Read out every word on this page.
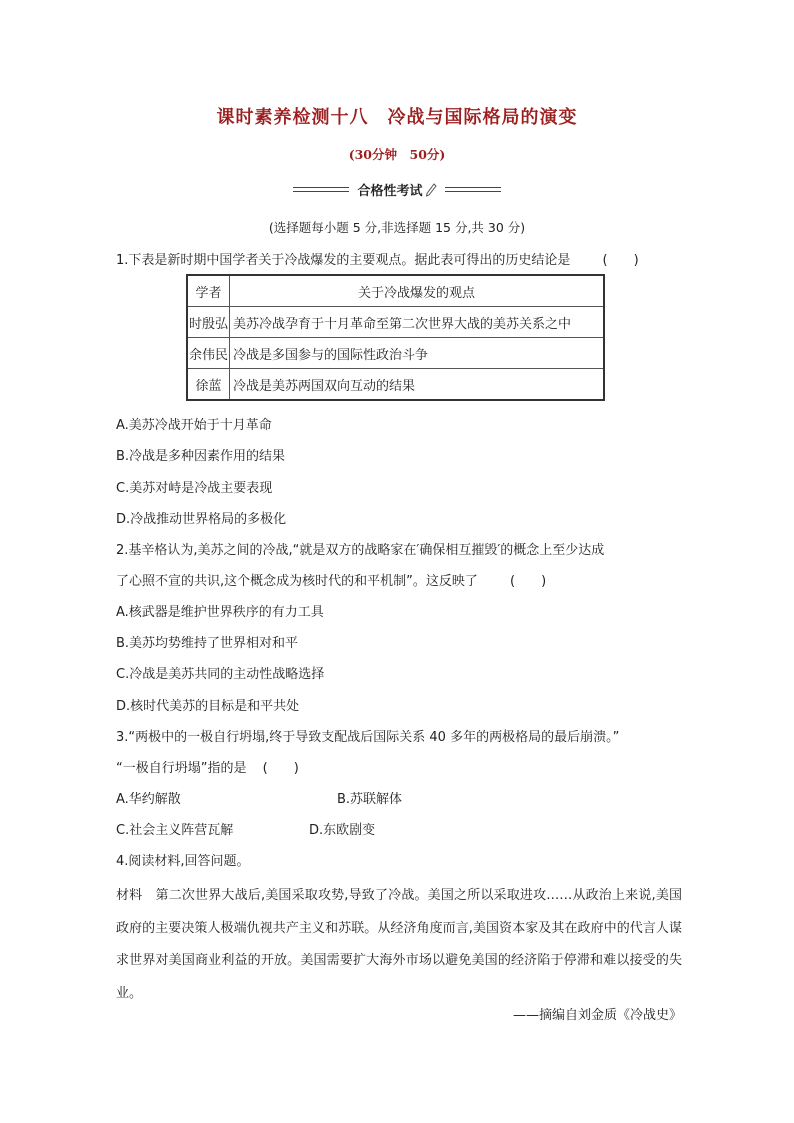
课时素养检测十八　冷战与国际格局的演变
(30分钟　50分)
合格性考试
(选择题每小题 5 分,非选择题 15 分,共 30 分)
1.下表是新时期中国学者关于冷战爆发的主要观点。据此表可得出的历史结论是 (　　)
学者	关于冷战爆发的观点
时殷弘	美苏冷战孕育于十月革命至第二次世界大战的美苏关系之中
余伟民	冷战是多国参与的国际性政治斗争
徐蓝	冷战是美苏两国双向互动的结果
A.美苏冷战开始于十月革命
B.冷战是多种因素作用的结果
C.美苏对峙是冷战主要表现
D.冷战推动世界格局的多极化
2.基辛格认为,美苏之间的冷战,“就是双方的战略家在′确保相互摧毁′的概念上至少达成
了心照不宣的共识,这个概念成为核时代的和平机制”。这反映了 (　　)
A.核武器是维护世界秩序的有力工具
B.美苏均势维持了世界相对和平
C.冷战是美苏共同的主动性战略选择
D.核时代美苏的目标是和平共处
3.“两极中的一极自行坍塌,终于导致支配战后国际关系 40 多年的两极格局的最后崩溃。”
“一极自行坍塌”指的是 (　　)
A.华约解散	B.苏联解体
C.社会主义阵营瓦解	D.东欧剧变
4.阅读材料,回答问题。
材料　第二次世界大战后,美国采取攻势,导致了冷战。美国之所以采取进攻……从政治上来说,美国政府的主要决策人极端仇视共产主义和苏联。从经济角度而言,美国资本家及其在政府中的代言人谋求世界对美国商业利益的开放。美国需要扩大海外市场以避免美国的经济陷于停滞和难以接受的失业。
——摘编自刘金质《冷战史》
